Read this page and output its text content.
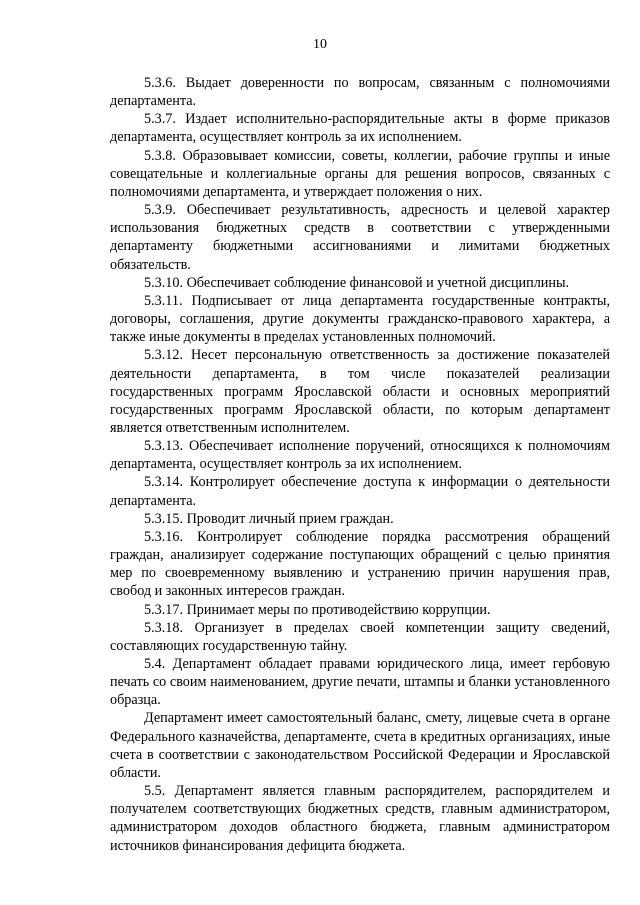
10

5.3.6. Выдает доверенности по вопросам, связанным с полномочиями департамента.

5.3.7. Издает исполнительно-распорядительные акты в форме приказов департамента, осуществляет контроль за их исполнением.

5.3.8. Образовывает комиссии, советы, коллегии, рабочие группы и иные совещательные и коллегиальные органы для решения вопросов, связанных с полномочиями департамента, и утверждает положения о них.

5.3.9. Обеспечивает результативность, адресность и целевой характер использования бюджетных средств в соответствии с утвержденными департаменту бюджетными ассигнованиями и лимитами бюджетных обязательств.

5.3.10. Обеспечивает соблюдение финансовой и учетной дисциплины.

5.3.11. Подписывает от лица департамента государственные контракты, договоры, соглашения, другие документы гражданско-правового характера, а также иные документы в пределах установленных полномочий.

5.3.12. Несет персональную ответственность за достижение показателей деятельности департамента, в том числе показателей реализации государственных программ Ярославской области и основных мероприятий государственных программ Ярославской области, по которым департамент является ответственным исполнителем.

5.3.13. Обеспечивает исполнение поручений, относящихся к полномочиям департамента, осуществляет контроль за их исполнением.

5.3.14. Контролирует обеспечение доступа к информации о деятельности департамента.

5.3.15. Проводит личный прием граждан.

5.3.16. Контролирует соблюдение порядка рассмотрения обращений граждан, анализирует содержание поступающих обращений с целью принятия мер по своевременному выявлению и устранению причин нарушения прав, свобод и законных интересов граждан.

5.3.17. Принимает меры по противодействию коррупции.

5.3.18. Организует в пределах своей компетенции защиту сведений, составляющих государственную тайну.

5.4. Департамент обладает правами юридического лица, имеет гербовую печать со своим наименованием, другие печати, штампы и бланки установленного образца.

Департамент имеет самостоятельный баланс, смету, лицевые счета в органе Федерального казначейства, департаменте, счета в кредитных организациях, иные счета в соответствии с законодательством Российской Федерации и Ярославской области.

5.5. Департамент является главным распорядителем, распорядителем и получателем соответствующих бюджетных средств, главным администратором, администратором доходов областного бюджета, главным администратором источников финансирования дефицита бюджета.
